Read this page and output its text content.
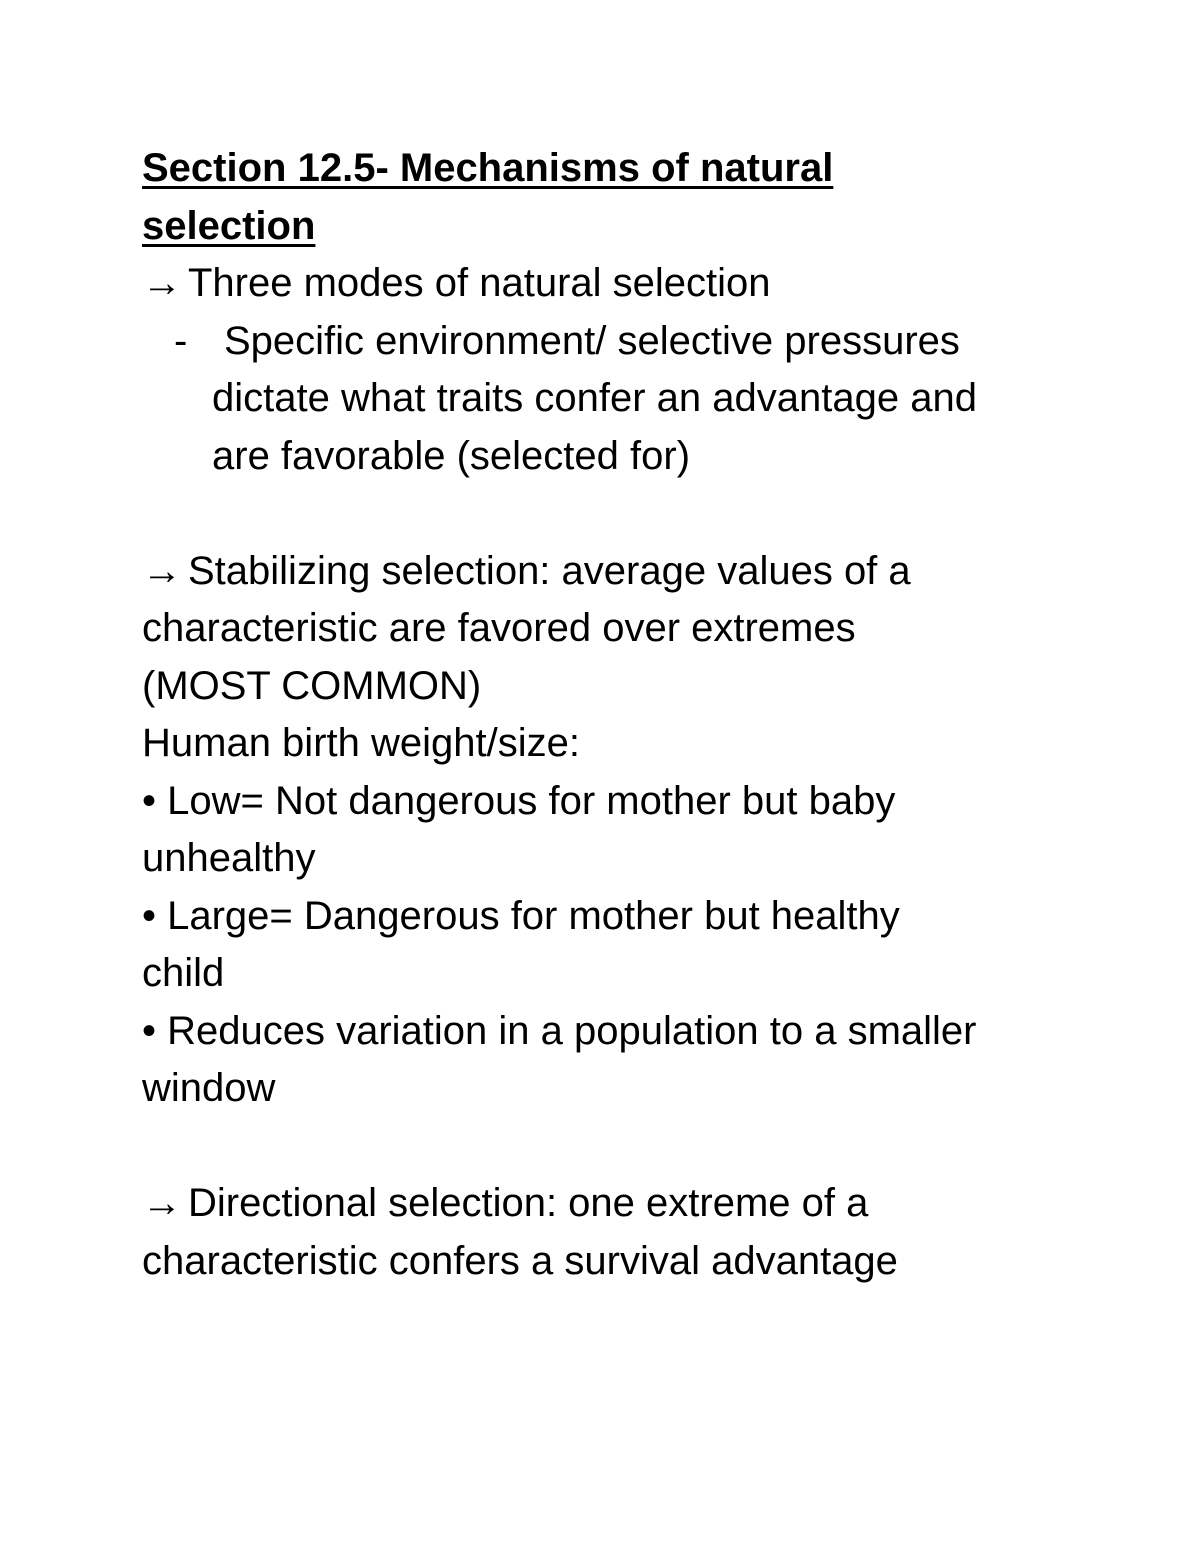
Section 12.5- Mechanisms of natural
selection
→ Three modes of natural selection
- Specific environment/ selective pressures
dictate what traits confer an advantage and
are favorable (selected for)
→ Stabilizing selection: average values of a
characteristic are favored over extremes
(MOST COMMON)
Human birth weight/size:
• Low= Not dangerous for mother but baby
unhealthy
• Large= Dangerous for mother but healthy
child
• Reduces variation in a population to a smaller
window
→ Directional selection: one extreme of a
characteristic confers a survival advantage
